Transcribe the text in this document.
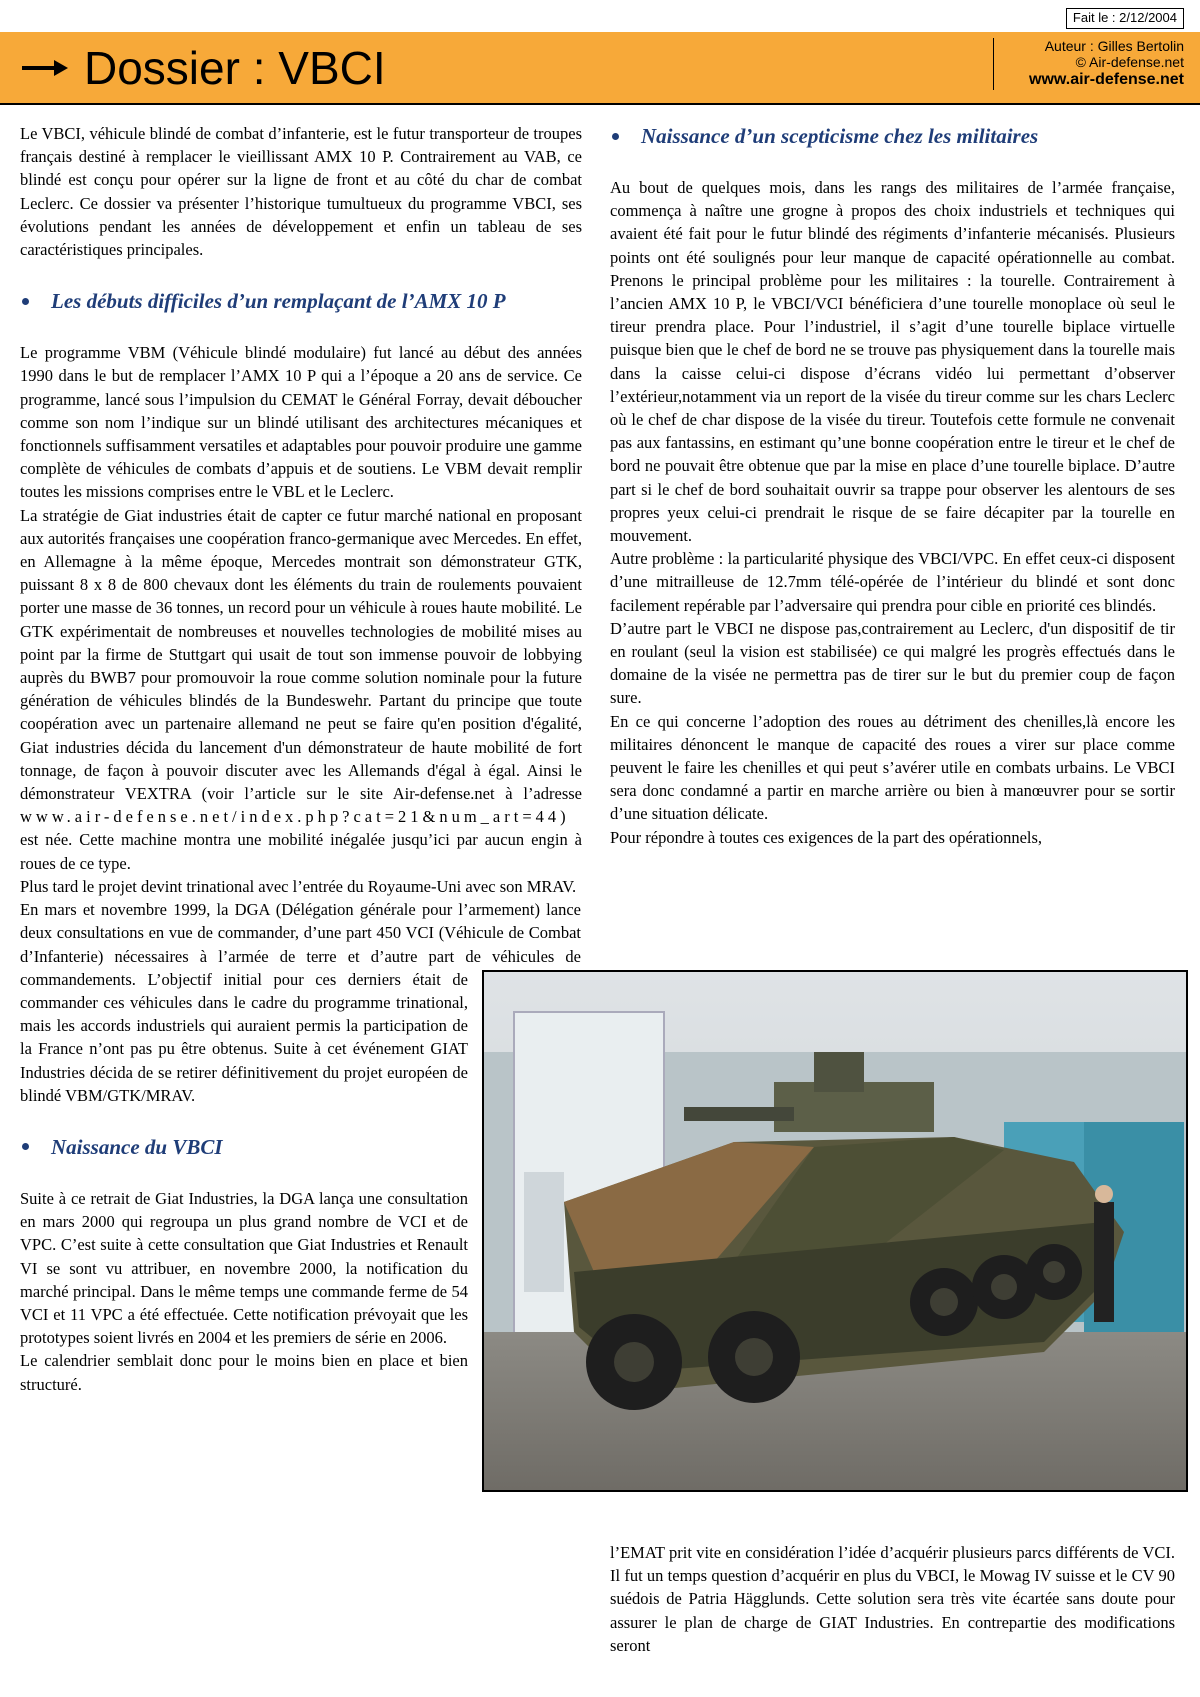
Fait le : 2/12/2004
Dossier : VBCI	Auteur : Gilles Bertolin
© Air-defense.net
www.air-defense.net

Le VBCI, véhicule blindé de combat d’infanterie, est le futur transporteur de troupes français destiné à remplacer le vieillissant AMX 10 P. Contrairement au VAB, ce blindé est conçu pour opérer sur la ligne de front et au côté du char de combat Leclerc. Ce dossier va présenter l’historique tumultueux du programme VBCI, ses évolutions pendant les années de développement et enfin un tableau de ses caractéristiques principales.

Les débuts difficiles d’un remplaçant de l’AMX 10 P

Le programme VBM (Véhicule blindé modulaire) fut lancé au début des années 1990 dans le but de remplacer l’AMX 10 P qui a l’époque a 20 ans de service. Ce programme, lancé sous l’impulsion du CEMAT le Général Forray, devait déboucher comme son nom l’indique sur un blindé utilisant des architectures mécaniques et fonctionnels suffisamment versatiles et adaptables pour pouvoir produire une gamme complète de véhicules de combats d’appuis et de soutiens. Le VBM devait remplir toutes les missions comprises entre le VBL et le Leclerc.

La stratégie de Giat industries était de capter ce futur marché national en proposant aux autorités françaises une coopération franco-germanique avec Mercedes. En effet, en Allemagne à la même époque, Mercedes montrait son démonstrateur GTK, puissant 8 x 8 de 800 chevaux dont les éléments du train de roulements pouvaient porter une masse de 36 tonnes, un record pour un véhicule à roues haute mobilité. Le GTK expérimentait de nombreuses et nouvelles technologies de mobilité mises au point par la firme de Stuttgart qui usait de tout son immense pouvoir de lobbying auprès du BWB7 pour promouvoir la roue comme solution nominale pour la future génération de véhicules blindés de la Bundeswehr. Partant du principe que toute coopération avec un partenaire allemand ne peut se faire qu'en position d'égalité, Giat industries décida du lancement d'un démonstrateur de haute mobilité de fort tonnage, de façon à pouvoir discuter avec les Allemands d'égal à égal. Ainsi le démonstrateur VEXTRA (voir l’article sur le site Air-defense.net à l’adresse www.air-defense.net/index.php?cat=21&num_art=44) est née. Cette machine montra une mobilité inégalée jusqu’ici par aucun engin à roues de ce type.

Plus tard le projet devint trinational avec l’entrée du Royaume-Uni avec son MRAV.

En mars et novembre 1999, la DGA (Délégation générale pour l’armement) lance deux consultations en vue de commander, d’une part 450 VCI (Véhicule de Combat d’Infanterie) nécessaires à l’armée de terre et d’autre part de véhicules de commandements. L’objectif initial pour ces derniers était de commander ces véhicules dans le cadre du programme trinational, mais les accords industriels qui auraient permis la participation de la France n’ont pas pu être obtenus. Suite à cet événement GIAT Industries décida de se retirer définitivement du projet européen de blindé VBM/GTK/MRAV.

Naissance du VBCI

Suite à ce retrait de Giat Industries, la DGA lança une consultation en mars 2000 qui regroupa un plus grand nombre de VCI et de VPC. C’est suite à cette consultation que Giat Industries et Renault VI se sont vu attribuer, en novembre 2000, la notification du marché principal. Dans le même temps une commande ferme de 54 VCI et 11 VPC a été effectuée. Cette notification prévoyait que les prototypes soient livrés en 2004 et les premiers de série en 2006.

Le calendrier semblait donc pour le moins bien en place et bien structuré.

Naissance d’un scepticisme chez les militaires

Au bout de quelques mois, dans les rangs des militaires de l’armée française, commença à naître une grogne à propos des choix industriels et techniques qui avaient été fait pour le futur blindé des régiments d’infanterie mécanisés. Plusieurs points ont été soulignés pour leur manque de capacité opérationnelle au combat. Prenons le principal problème pour les militaires : la tourelle. Contrairement à l’ancien AMX 10 P, le VBCI/VCI bénéficiera d’une tourelle monoplace où seul le tireur prendra place. Pour l’industriel, il s’agit d’une tourelle biplace virtuelle puisque bien que le chef de bord ne se trouve pas physiquement dans la tourelle mais dans la caisse celui-ci dispose d’écrans vidéo lui permettant d’observer l’extérieur,notamment via un report de la visée du tireur comme sur les chars Leclerc où le chef de char dispose de la visée du tireur. Toutefois cette formule ne convenait pas aux fantassins, en estimant qu’une bonne coopération entre le tireur et le chef de bord ne pouvait être obtenue que par la mise en place d’une tourelle biplace. D’autre part si le chef de bord souhaitait ouvrir sa trappe pour observer les alentours de ses propres yeux celui-ci prendrait le risque de se faire décapiter par la tourelle en mouvement.

Autre problème : la particularité physique des VBCI/VPC. En effet ceux-ci disposent d’une mitrailleuse de 12.7mm télé-opérée de l’intérieur du blindé et sont donc facilement repérable par l’adversaire qui prendra pour cible en priorité ces blindés.

D’autre part le VBCI ne dispose pas,contrairement au Leclerc, d'un dispositif de tir en roulant (seul la vision est stabilisée) ce qui malgré les progrès effectués dans le domaine de la visée ne permettra pas de tirer sur le but du premier coup de façon sure.

En ce qui concerne l’adoption des roues au détriment des chenilles,là encore les militaires dénoncent le manque de capacité des roues a virer sur place comme peuvent le faire les chenilles et qui peut s’avérer utile en combats urbains. Le VBCI sera donc condamné a partir en marche arrière ou bien à manœuvrer pour se sortir d’une situation délicate.

Pour répondre à toutes ces exigences de la part des opérationnels,

l’EMAT prit vite en considération l’idée d’acquérir plusieurs parcs différents de VCI. Il fut un temps question d’acquérir en plus du VBCI, le Mowag IV suisse et le CV 90 suédois de Patria Hägglunds. Cette solution sera très vite écartée sans doute pour assurer le plan de charge de GIAT Industries. En contrepartie des modifications seront
